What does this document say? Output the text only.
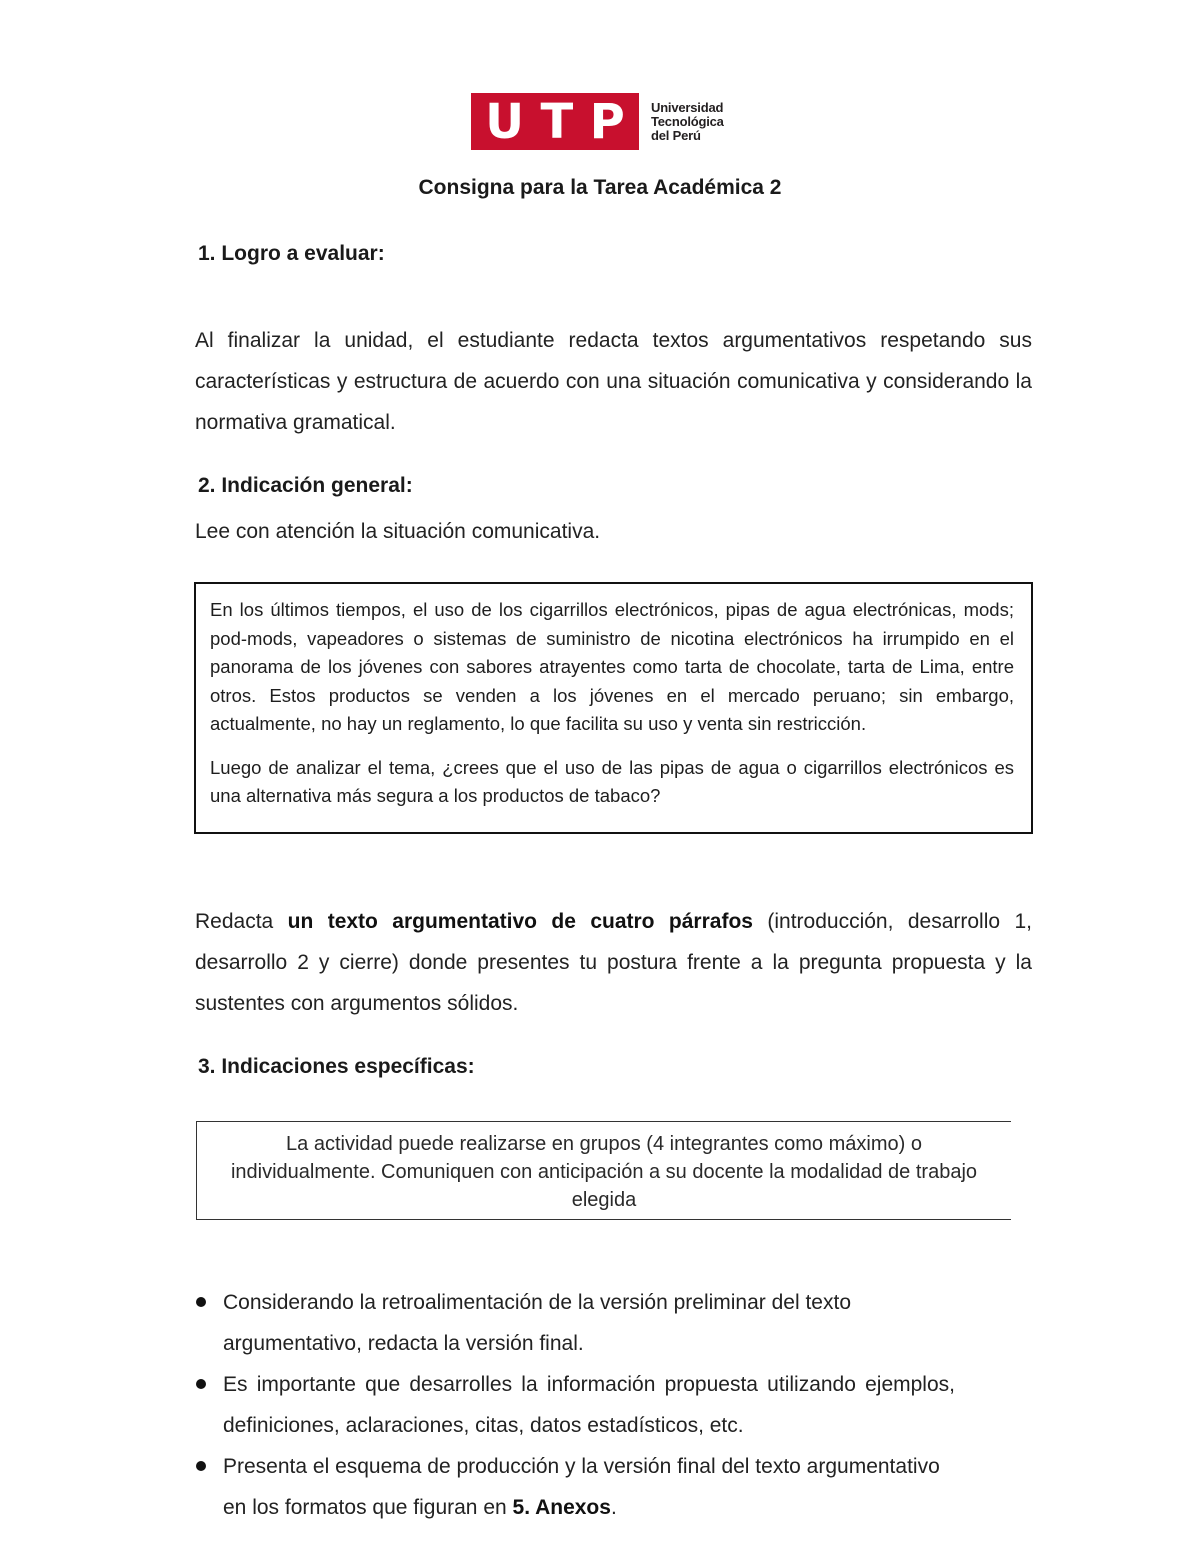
U T P Universidad
Tecnológica
del Perú
Consigna para la Tarea Académica 2
1. Logro a evaluar:
Al finalizar la unidad, el estudiante redacta textos argumentativos respetando sus características y estructura de acuerdo con una situación comunicativa y considerando la normativa gramatical.
2. Indicación general:
Lee con atención la situación comunicativa.

En los últimos tiempos, el uso de los cigarrillos electrónicos, pipas de agua electrónicas, mods; pod-mods, vapeadores o sistemas de suministro de nicotina electrónicos ha irrumpido en el panorama de los jóvenes con sabores atrayentes como tarta de chocolate, tarta de Lima, entre otros. Estos productos se venden a los jóvenes en el mercado peruano; sin embargo, actualmente, no hay un reglamento, lo que facilita su uso y venta sin restricción.

Luego de analizar el tema, ¿crees que el uso de las pipas de agua o cigarrillos electrónicos es una alternativa más segura a los productos de tabaco?

Redacta un texto argumentativo de cuatro párrafos (introducción, desarrollo 1, desarrollo 2 y cierre) donde presentes tu postura frente a la pregunta propuesta y la sustentes con argumentos sólidos.
3. Indicaciones específicas:
La actividad puede realizarse en grupos (4 integrantes como máximo) o individualmente. Comuniquen con anticipación a su docente la modalidad de trabajo elegida
Considerando la retroalimentación de la versión preliminar del texto argumentativo, redacta la versión final.
Es importante que desarrolles la información propuesta utilizando ejemplos, definiciones, aclaraciones, citas, datos estadísticos, etc.
Presenta el esquema de producción y la versión final del texto argumentativo en los formatos que figuran en 5. Anexos.
